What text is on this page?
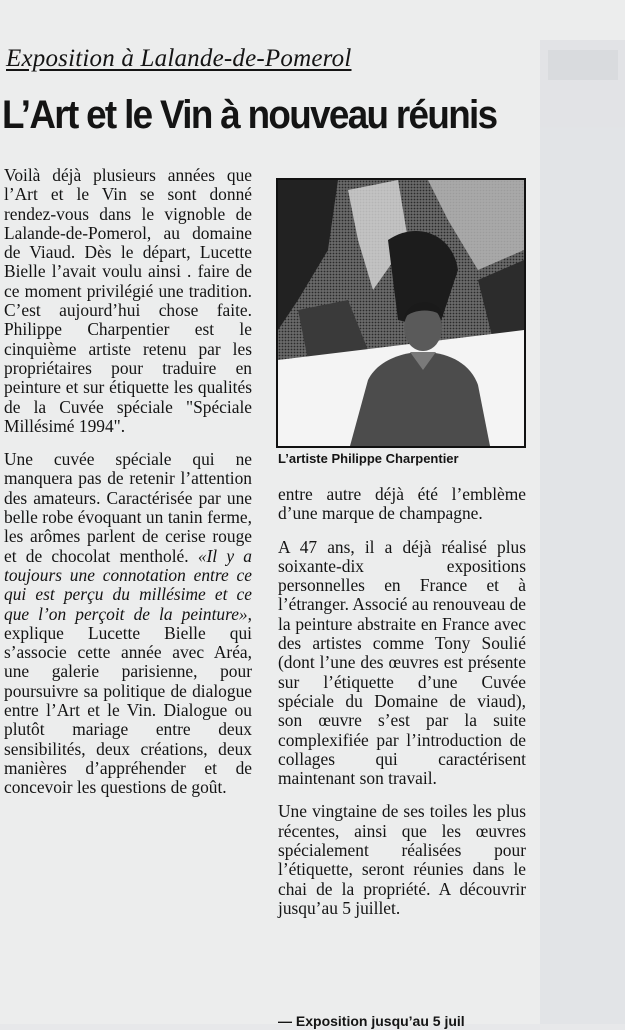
Exposition à Lalande-de-Pomerol
L’Art et le Vin à nouveau réunis

Voilà déjà plusieurs années que l’Art et le Vin se sont donné rendez-vous dans le vignoble de Lalande-de-Pomerol, au domaine de Viaud. Dès le départ, Lucette Bielle l’avait voulu ainsi . faire de ce moment privilégié une tradition. C’est aujourd’hui chose faite. Philippe Charpentier est le cinquième artiste retenu par les propriétaires pour traduire en peinture et sur étiquette les qualités de la Cuvée spéciale "Spéciale Millésimé 1994".

Une cuvée spéciale qui ne manquera pas de retenir l’attention des amateurs. Caractérisée par une belle robe évoquant un tanin ferme, les arômes parlent de cerise rouge et de chocolat mentholé. «Il y a toujours une connotation entre ce qui est perçu du millésime et ce que l’on perçoit de la peinture», explique Lucette Bielle qui s’associe cette année avec Aréa, une galerie parisienne, pour poursuivre sa politique de dialogue entre l’Art et le Vin. Dialogue ou plutôt mariage entre deux sensibilités, deux créations, deux manières d’appréhender et de concevoir les questions de goût.

L’artiste Philippe Charpentier

entre autre déjà été l’emblème d’une marque de champagne.

A 47 ans, il a déjà réalisé plus soixante-dix expositions personnelles en France et à l’étranger. Associé au renouveau de la peinture abstraite en France avec des artistes comme Tony Soulié (dont l’une des œuvres est présente sur l’étiquette d’une Cuvée spéciale du Domaine de viaud), son œuvre s’est par la suite complexifiée par l’introduction de collages qui caractérisent maintenant son travail.

Une vingtaine de ses toiles les plus récentes, ainsi que les œuvres spécialement réalisées pour l’étiquette, seront réunies dans le chai de la propriété. A découvrir jusqu’au 5 juillet.

— Exposition jusqu’au 5 juil
